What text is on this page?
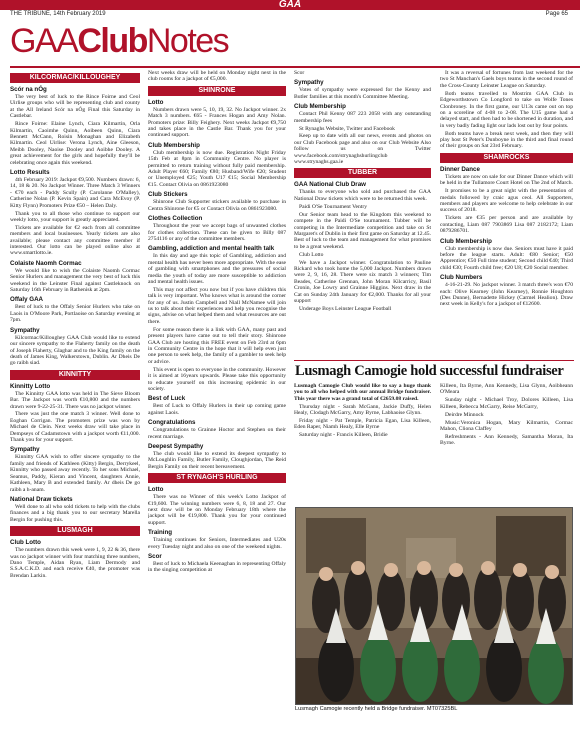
GAA
THE TRIBUNE, 14th February 2019	Page 65
GAAClubNotes
KILCORMAC/KILLOUGHEY
Scór na nÓg

The very best of luck to the Rince Foirne and Ceol Uirlise groups who will be representing club and county at the All Ireland Scór na nÓg Final this Saturday in Castlebar.

Rince Foirne: Elaine Lynch, Ciara Kilmartin, Orla Kilmartin, Caoimhe Quinn, Aoibeen Quinn, Ciara Bennett McCann, Roisin Monaghan and Elizabeth Kilmartin. Ceol Uirlise: Verona Lynch, Aine Gleeson, Meibh Dooley, Naoise Dooley and Aoibhe Dooley. A great achievement for the girls and hopefully they'll be celebrating once again this weekend.

Lotto Results

4th February 2019: Jackpot €9,500. Numbers drawn: 6, 14, 18 & 20. No Jackpot Winner. Three Match 3 Winners - €70 each - Paddy Scully (P. Carolanne O'Malley), Catherine Nolan (P. Kevin Spain) and Cara McEvoy (P. Kitty Flynn) Promoters Prize €50 – Helen Daly.

Thank you to all those who continue to support our weekly lotto, your support is greatly appreciated.

Tickets are available for €2 each from all committee members and local businesses. Yearly tickets are also available; please contact any committee member if interested. Our lotto can be played online also at www.smartlotto.ie.

Colaiste Naomh Cormac

We would like to wish the Colaiste Naomh Cormac Senior Hurlers and management the very best of luck this weekend in the Leinster Final against Castleknock on Saturday 16th February in Rathenisk at 2pm.

Offaly GAA

Best of luck to the Offaly Senior Hurlers who take on Laois in O'Moore Park, Portlaoise on Saturday evening at 7pm.

Sympathy

Kilcormac/Killoughey GAA Club would like to extend our sincere sympathy to the Flaherty family on the death of Joseph Flaherty, Glaghar and to the King family on the death of James King, Walkerstown, Dublin. Ar Dheis De go raibh siad.

KINNITTY
Kinnitty Lotto

The Kinnitty GAA lotto was held in The Sieve Bloom Bar. The Jackpot was worth €10,800 and the numbers drawn were 9-22-25-31. There was no jackpot winner.

There was just the one match 3 winner. Well done to Eoghan Corrigan. The promoters prize was won by Michael de Clein. Next weeks draw will take place in Dempseys of Cadamstown with a jackpot worth €11,000. Thank you for your support.

Sympathy

Kinnitty GAA wish to offer sincere sympathy to the family and friends of Kathleen (Kitty) Bergin, Derrykeel, Kinnitty who passed away recently. To her sons Michael, Seamus, Paddy, Kieran and Vincent, daughters Annie, Kathleen, Mary B and extended family. Ar dheis De go raibh a h-anam.

National Draw tickets

Well done to all who sold tickets to help with the clubs finances and a big thank you to our secretary Marella Bergin for pushing this.

LUSMAGH
Club Lotto

The numbers drawn this week were 1, 9, 22 & 36, there was no jackpot winner with four matching three numbers, Dano Temple, Aidan Ryan, Liam Dermody and S.S.A.C.K.D. and each receive €40, the promoter was Brendan Larkin.

Next weeks draw will be held on Monday night next in the club rooms for a jackpot of €5,000.

SHINRONE
Lotto

Numbers drawn were 5, 10, 19, 32. No Jackpot winner. 2x Match 3 numbers. €65 - Frances Hogan and Amy Nolan. Promoters prize: Billy Feighery. Next weeks Jackpot €9,750 and takes place in the Castle Bar. Thank you for your continued support.

Club Membership

Club membership is now due. Registration Night Friday 15th Feb at 8pm in Community Centre. No player is permitted to return training without fully paid membership. Adult Player €60; Family €80; Husband/Wife €20; Student or Unemployed €25; Youth U17 €15; Social Membership €15. Contact Olivia on 0861923080

Club Stickers

Shinrone Club Supporter stickers available to purchase in Centra Shinrone for €5 or Contact Olivia on 0861923080.

Clothes Collection

Throughout the year we accept bags of unwanted clothes for clothes collection. These can be given to Billy 087 2754116 or any of the committee members.

Gambling, addiction and mental health talk

In this day and age this topic of Gambling, addiction and mental health has never been more appropriate. With the ease of gambling with smartphones and the pressures of social media the youth of today are more susceptible to addiction and mental health issues.

This may not affect you now but if you have children this talk is very important. Who knows what is around the corner for any of us. Justin Campbell and Niall McNamee will join us to talk about their experiences and help you recognise the signs, advise on what helped them and what resources are out there.

For some reason there is a link with GAA, many past and present players have came out to tell their story. Shinrone GAA Club are hosting this FREE event on Feb 23rd at 6pm in Community Centre in the hope that it will help even just one person to seek help, the family of a gambler to seek help or advice.

This event is open to everyone in the community. However it is aimed at 16years upwards. Please take this opportunity to educate yourself on this increasing epidemic in our society.

Best of Luck

Best of Luck to Offaly Hurlers in their up coming game against Laois.

Congratulations

Congratulations to Grainne Hoctor and Stephen on their recent marriage.

Deepest Sympathy

The club would like to extend its deepest sympathy to McLoughlin Family, Butler Family, Cloughjordan, The Reid Bergin Family on their recent bereavement.

ST RYNAGH'S HURLING
Lotto

There was no Winner of this week's Lotto Jackpot of €19,600. The winning numbers were 6, 8, 18 and 27. Our next draw will be on Monday February 18th where the jackpot will be €19,800. Thank you for your continued support.

Training

Training continues for Seniors, Intermediates and U20s every Tuesday night and also on one of the weekend nights.

Scor

Best of luck to Michaela Keenaghan in representing Offaly in the singing competition at

Scor

Sympathy

Votes of sympathy were expressed for the Kenny and Butler families at this month's Committee Meeting.

Club Membership

Contact Phil Kenny 087 223 2058 with any outstanding membership fees

St Rynaghs Website, Twitter and Facebook

Keep up to date with all our news, events and photos on our Club Facebook page and also on our Club Website Also follow us on Twitter www.facebook.com/strynaghshurlingclub www.strynaghs.gaa.ie

TUBBER
GAA National Club Draw

Thanks to everyone who sold and purchased the GAA National Draw tickets which were to be returned this week.

Paidi O'Se Tournament Ventry

Our Senior team head to the Kingdom this weekend to compete in the Paidi O'Se tournament. Tubber will be competing in the Intermediate competition and take on St Margaret's of Dublin in their first game on Saturday at 12.45. Best of luck to the team and management for what promises to be a great weekend.

Club Lotto

We have a Jackpot winner. Congratulation to Pauline Rickard who took home the 5,000 Jackpot. Numbers drawn were 2, 9, 16, 28. There were six match 3 winners; Tim Beades, Catherine Grennan, John Moran Kilcarricy, Basil Cronin, Joe Lowry and Grainne Higgins. Next draw in the Cat on Sunday 24th January for €2,000. Thanks for all your support

Underage Boys Leinster League Football

It was a reversal of fortunes from last weekend for the two St Manchan's Gaels boys teams in the second round of the Cross-County Leinster League on Saturday.

Both teams travelled to Mostrim GAA Club in Edgeworthstown Co Longford to take on Wolfe Tones Clonbroney. In the first game, our U13s came out on top on a scoreline of 4-08 to 2-08. The U15 game had a delayed start, and then had to be shortened in duration, and in very badly fading light our lads lost out by four points.

Both teams have a break next week, and then they will play host St Peter's Dunboyne in the third and final round of their groups on Sat 23rd February.

SHAMROCKS
Dinner Dance

Tickets are now on sale for our Dinner Dance which will be held in the Tullamore Court Hotel on The 2nd of March.

It promises to be a great night with the presentation of medals followed by craic agus ceol. All Supporters, members and players are welcome to help celebrate in our success of 2018.

Tickets are €35 per person and are available by contacting, Liam 087 7903869 Lisa 087 2182172; Liam 0879286701.

Club Membership

Club membership is now due. Seniors must have it paid before the league starts. Adult: €80 Senior; €50 Apprentice; €50 Full time student; Second child €40; Third child €30; Fourth child free; €20 U8; €20 Social member.

Club Numbers

4-16-21-29. No jackpot winner. 3 match three's won €70 each: Olive Kearney (John Kearney), Ronnie Houghton (Des Dunne), Bernadette Hickey (Carmel Healion). Draw next week in Kelly's for a jackpot of €12600.

Lusmagh Camogie hold successful fundraiser

Lusmagh Camogie Club would like to say a huge thank you to all who helped with our annual Bridge fundraiser. This year there was a grand total of €2659.08 raised.

Thursday night - Sarah McGann, Jackie Duffy, Helen Healy, Clodagh McGarry, Amy Byrne, Labhaoise Glynn.

Friday night - Pat Temple, Patricia Egan, Lisa Killeen, Eden Raper, Niamh Healy, Elle Byrne

Saturday night - Francis Killeen, Bridie

Killeen, Ita Byrne, Ann Kennedy, Lisa Glynn, Aoibheann O'Meara

Sunday night - Michael Troy, Dolores Killeen, Lisa Killeen, Rebecca McGarry, Reise McGarry,

Deirdre Minnock

Music:Veronica Hogan, Mary Kilmartin, Cormac Mahon, Cliona Claffey

Refreshments - Ann Kennedy, Samantha Moran, Ita Byrne.

Lusmagh Camogie recently held a Bridge fundraiser. MT07325BL
